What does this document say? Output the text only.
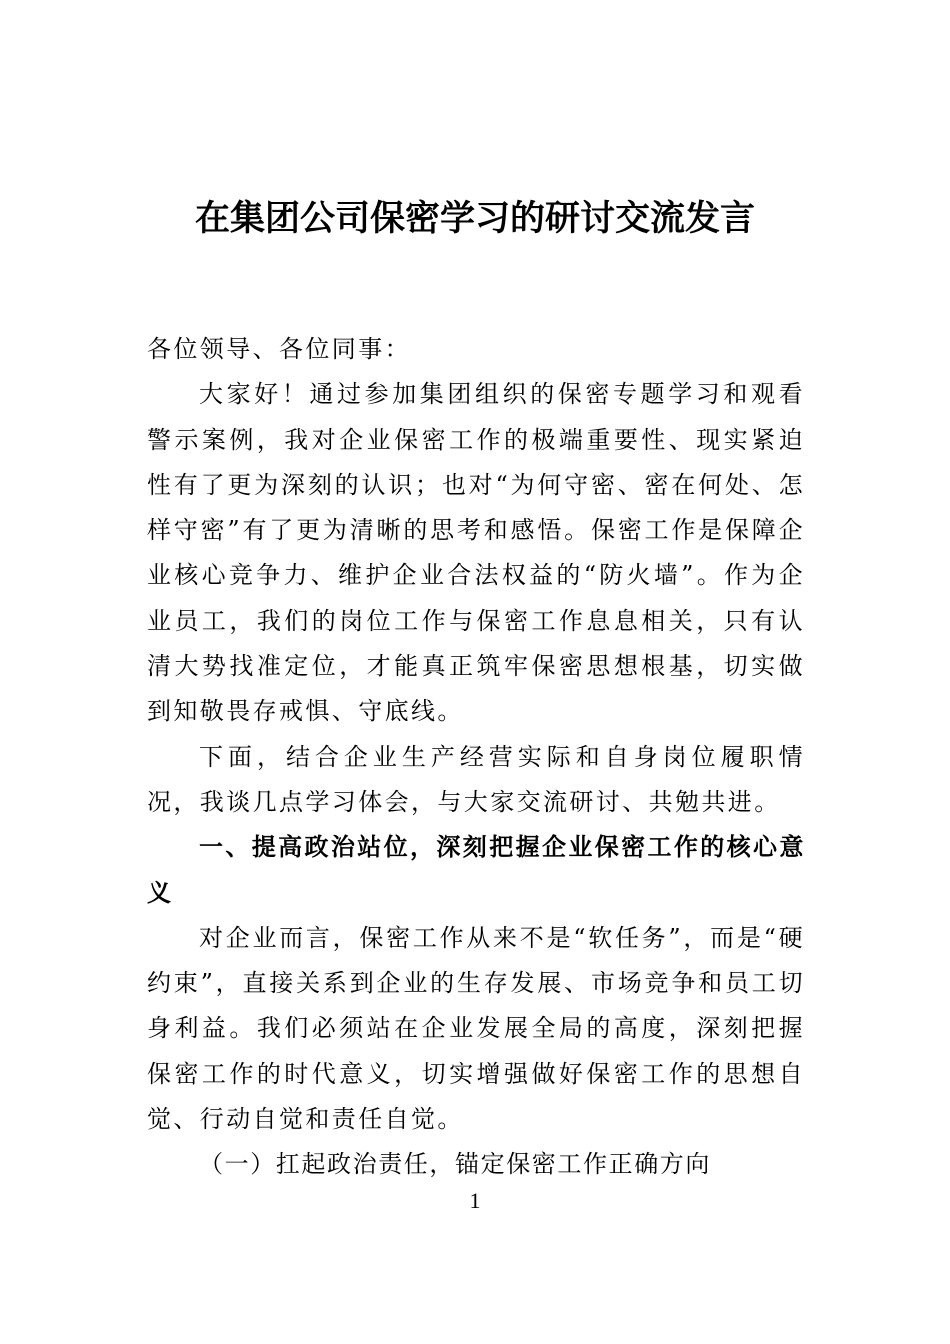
在集团公司保密学习的研讨交流发言

各位领导、各位同事：

大家好！通过参加集团组织的保密专题学习和观看警示案例，我对企业保密工作的极端重要性、现实紧迫性有了更为深刻的认识；也对“为何守密、密在何处、怎样守密”有了更为清晰的思考和感悟。保密工作是保障企业核心竞争力、维护企业合法权益的“防火墙”。作为企业员工，我们的岗位工作与保密工作息息相关，只有认清大势找准定位，才能真正筑牢保密思想根基，切实做到知敬畏存戒惧、守底线。

下面，结合企业生产经营实际和自身岗位履职情况，我谈几点学习体会，与大家交流研讨、共勉共进。

一、提高政治站位，深刻把握企业保密工作的核心意义

对企业而言，保密工作从来不是“软任务”，而是“硬约束”，直接关系到企业的生存发展、市场竞争和员工切身利益。我们必须站在企业发展全局的高度，深刻把握保密工作的时代意义，切实增强做好保密工作的思想自觉、行动自觉和责任自觉。

（一）扛起政治责任，锚定保密工作正确方向

1
